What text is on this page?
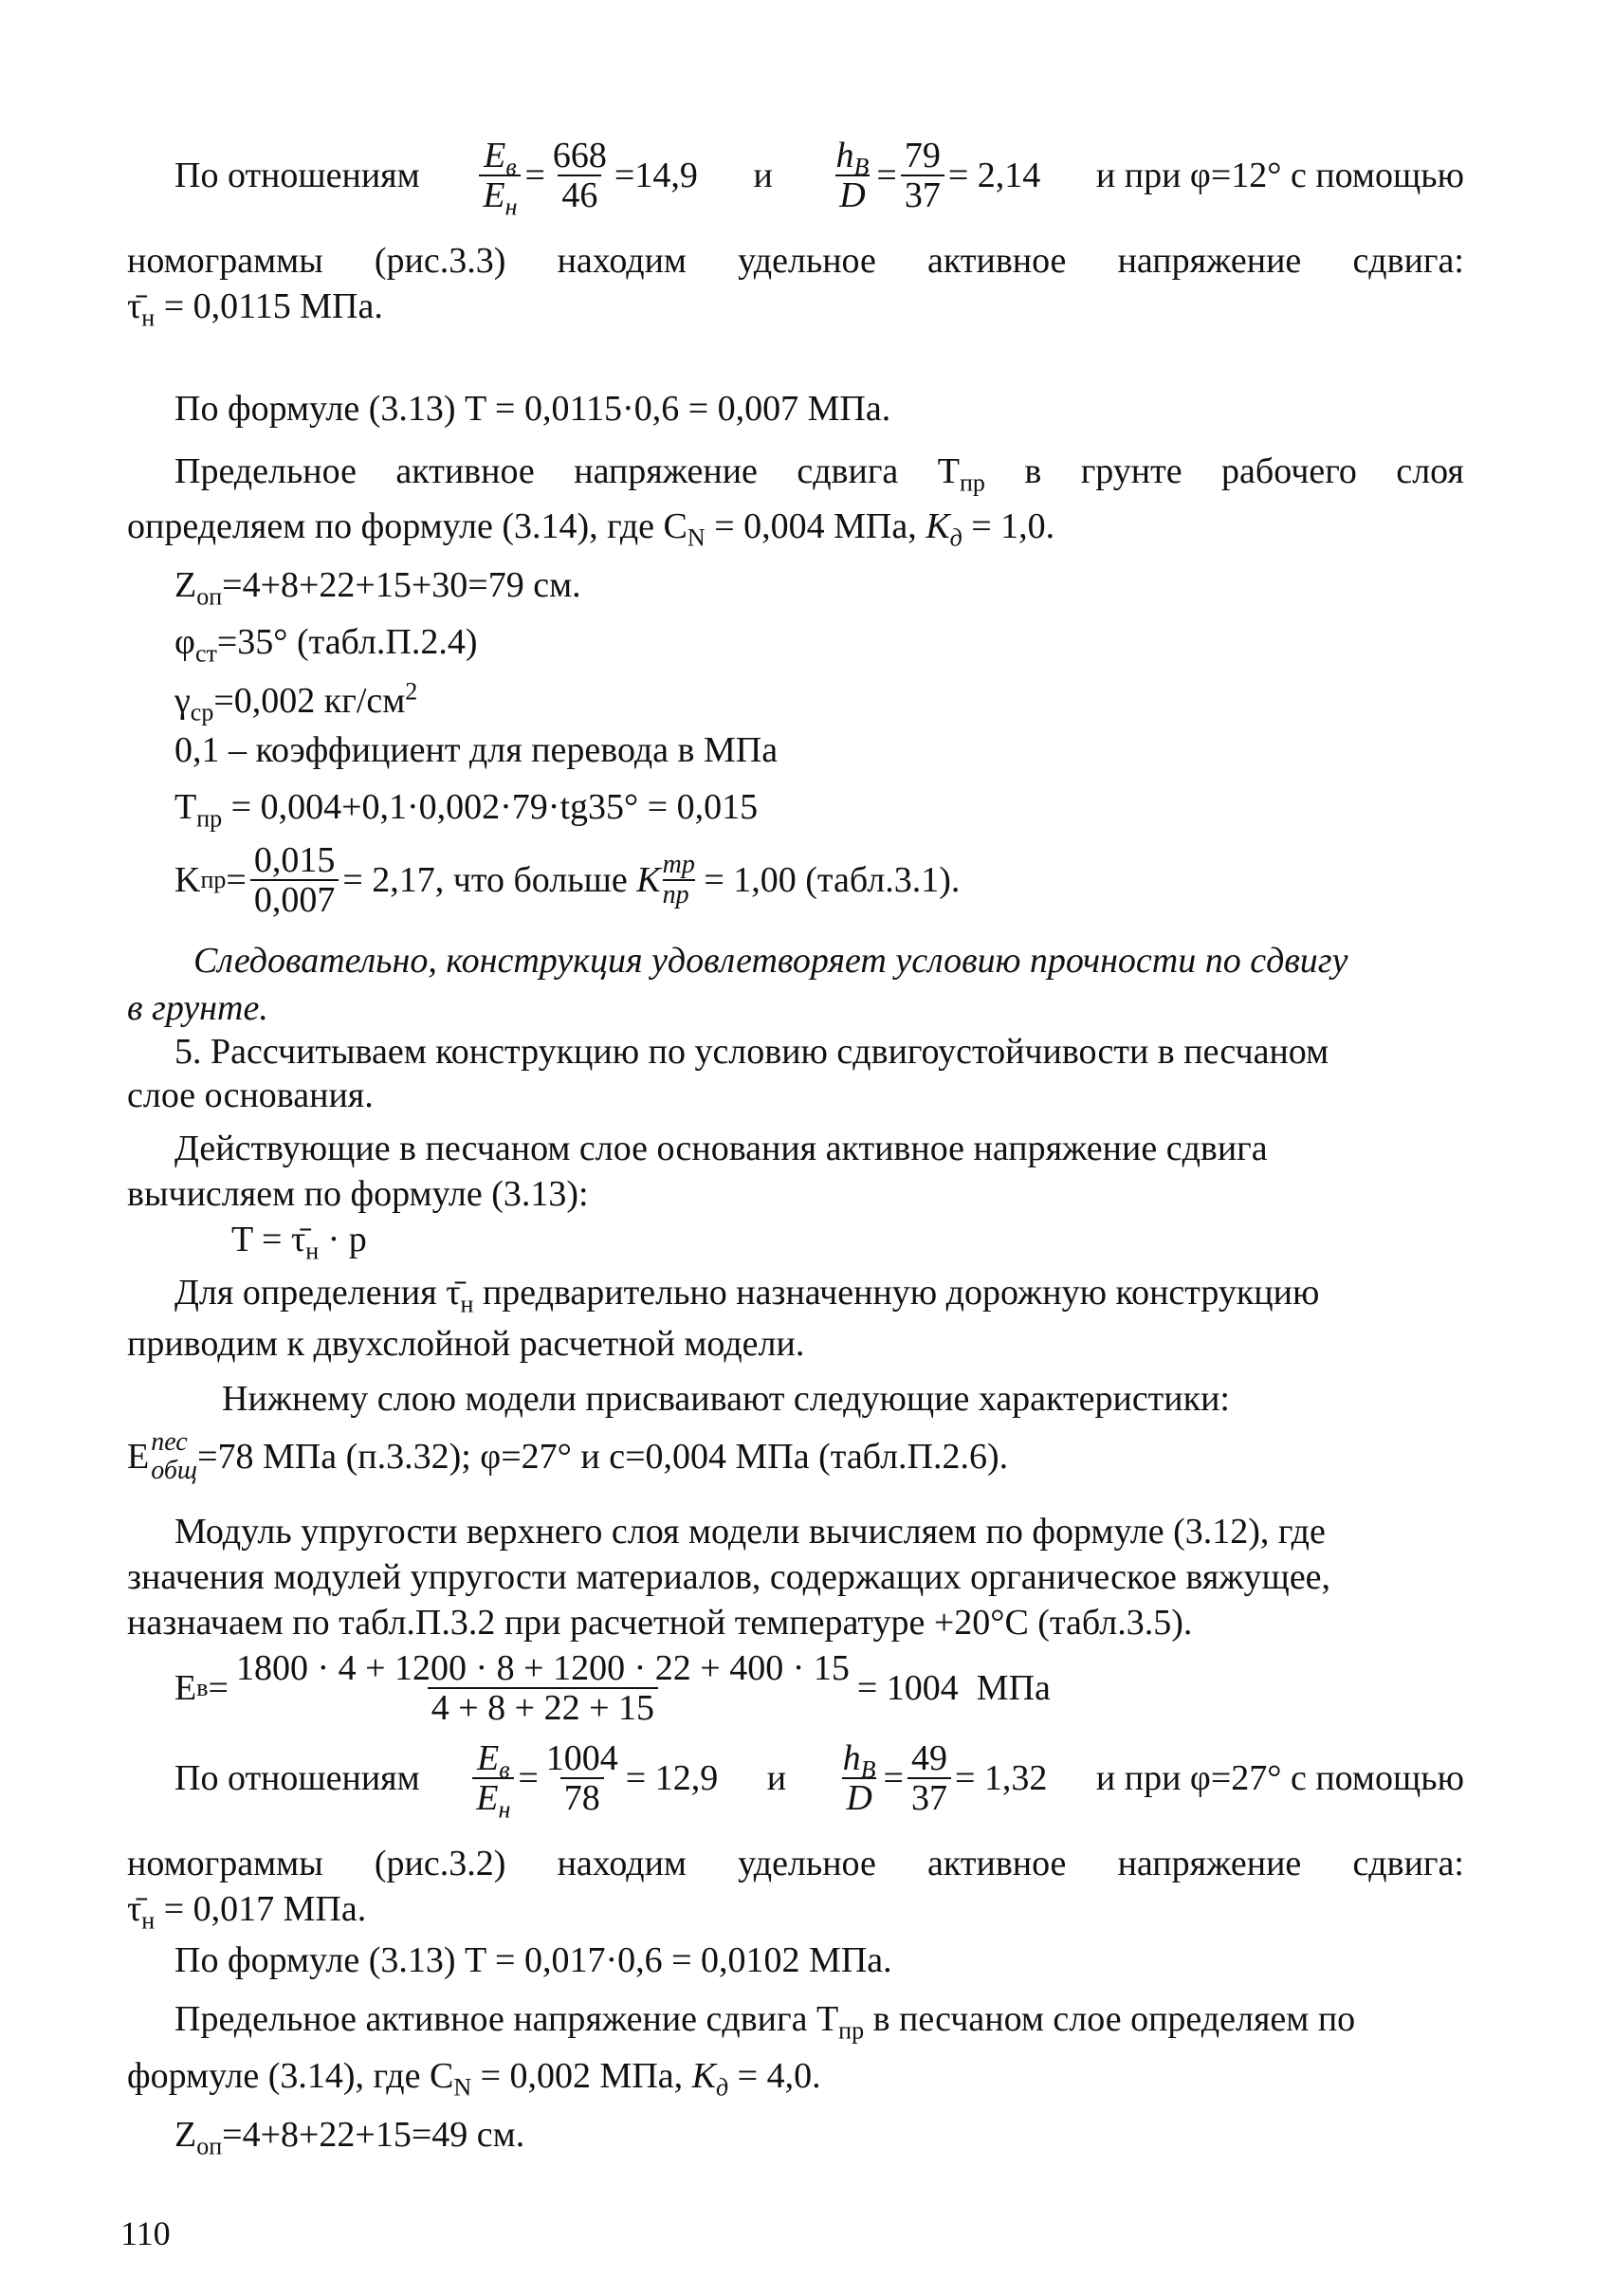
По отношениям $\frac{E_в}{E_н} = \frac{668}{46} =14,9$ и $\frac{h_B}{D} = \frac{79}{37} = 2,14$ и при φ=12° с помощью
номограммы (рис.3.3) находим удельное активное напряжение сдвига:
$\taū_н = 0,0115$ МПа.
По формуле (3.13) T = 0,0115·0,6 = 0,007 МПа.
Предельное активное напряжение сдвига $T_{пр}$ в грунте рабочего слоя
определяем по формуле (3.14), где $C_N = 0,004$ МПа, $K_д = 1,0$.
$Z_{оп}=4+8+22+15+30=79$ см.
$\varphi_{ст}=35^\circ$ (табл.П.2.4)
$\gamma_{ср}=0,002$ $кг/см^2$
0,1 – коэффициент для перевода в МПа
$T_{пр} = 0,004+0,1\cdot 0,002\cdot 79\cdot tg35^\circ = 0,015$
K пр = $\frac{0,015}{0,007} = 2,17$ , что больше K тр
пр = 1,00 (табл.3.1).
Следовательно, конструкция удовлетворяет условию прочности по сдвигу
в грунте.
5. Рассчитываем конструкцию по условию сдвигоустойчивости в песчаном
слое основания.
Действующие в песчаном слое основания активное напряжение сдвига
вычисляем по формуле (3.13):
$T = \taū_н \cdot p$
Для определения $\taū_н$ предварительно назначенную дорожную конструкцию
приводим к двухслойной расчетной модели.
Нижнему слою модели присваивают следующие характеристики:
E пес
общ =78 МПа (п.3.32); φ=27° и c=0,004 МПа (табл.П.2.6).
Модуль упругости верхнего слоя модели вычисляем по формуле (3.12), где
значения модулей упругости материалов, содержащих органическое вяжущее,
назначаем по табл.П.3.2 при расчетной температуре +20°C (табл.3.5).
E $в = \frac{1800 \cdot 4 + 1200 \cdot 8 + 1200 \cdot 22 + 400 \cdot 15}{4 + 8 + 22 + 15} = 1004$  МПа
По отношениям $\frac{E_в}{E_н} = \frac{1004}{78} = 12,9$ и $\frac{h_B}{D} = \frac{49}{37} = 1,32$ и при φ=27° с помощью
номограммы (рис.3.2) находим удельное активное напряжение сдвига:
$\taū_н = 0,017$ МПа.
По формуле (3.13) T = 0,017·0,6 = 0,0102 МПа.
Предельное активное напряжение сдвига $T_{пр}$ в песчаном слое определяем по
формуле (3.14), где $C_N = 0,002$ МПа, $K_д = 4,0$.
$Z_{оп}=4+8+22+15=49$ см.
110
